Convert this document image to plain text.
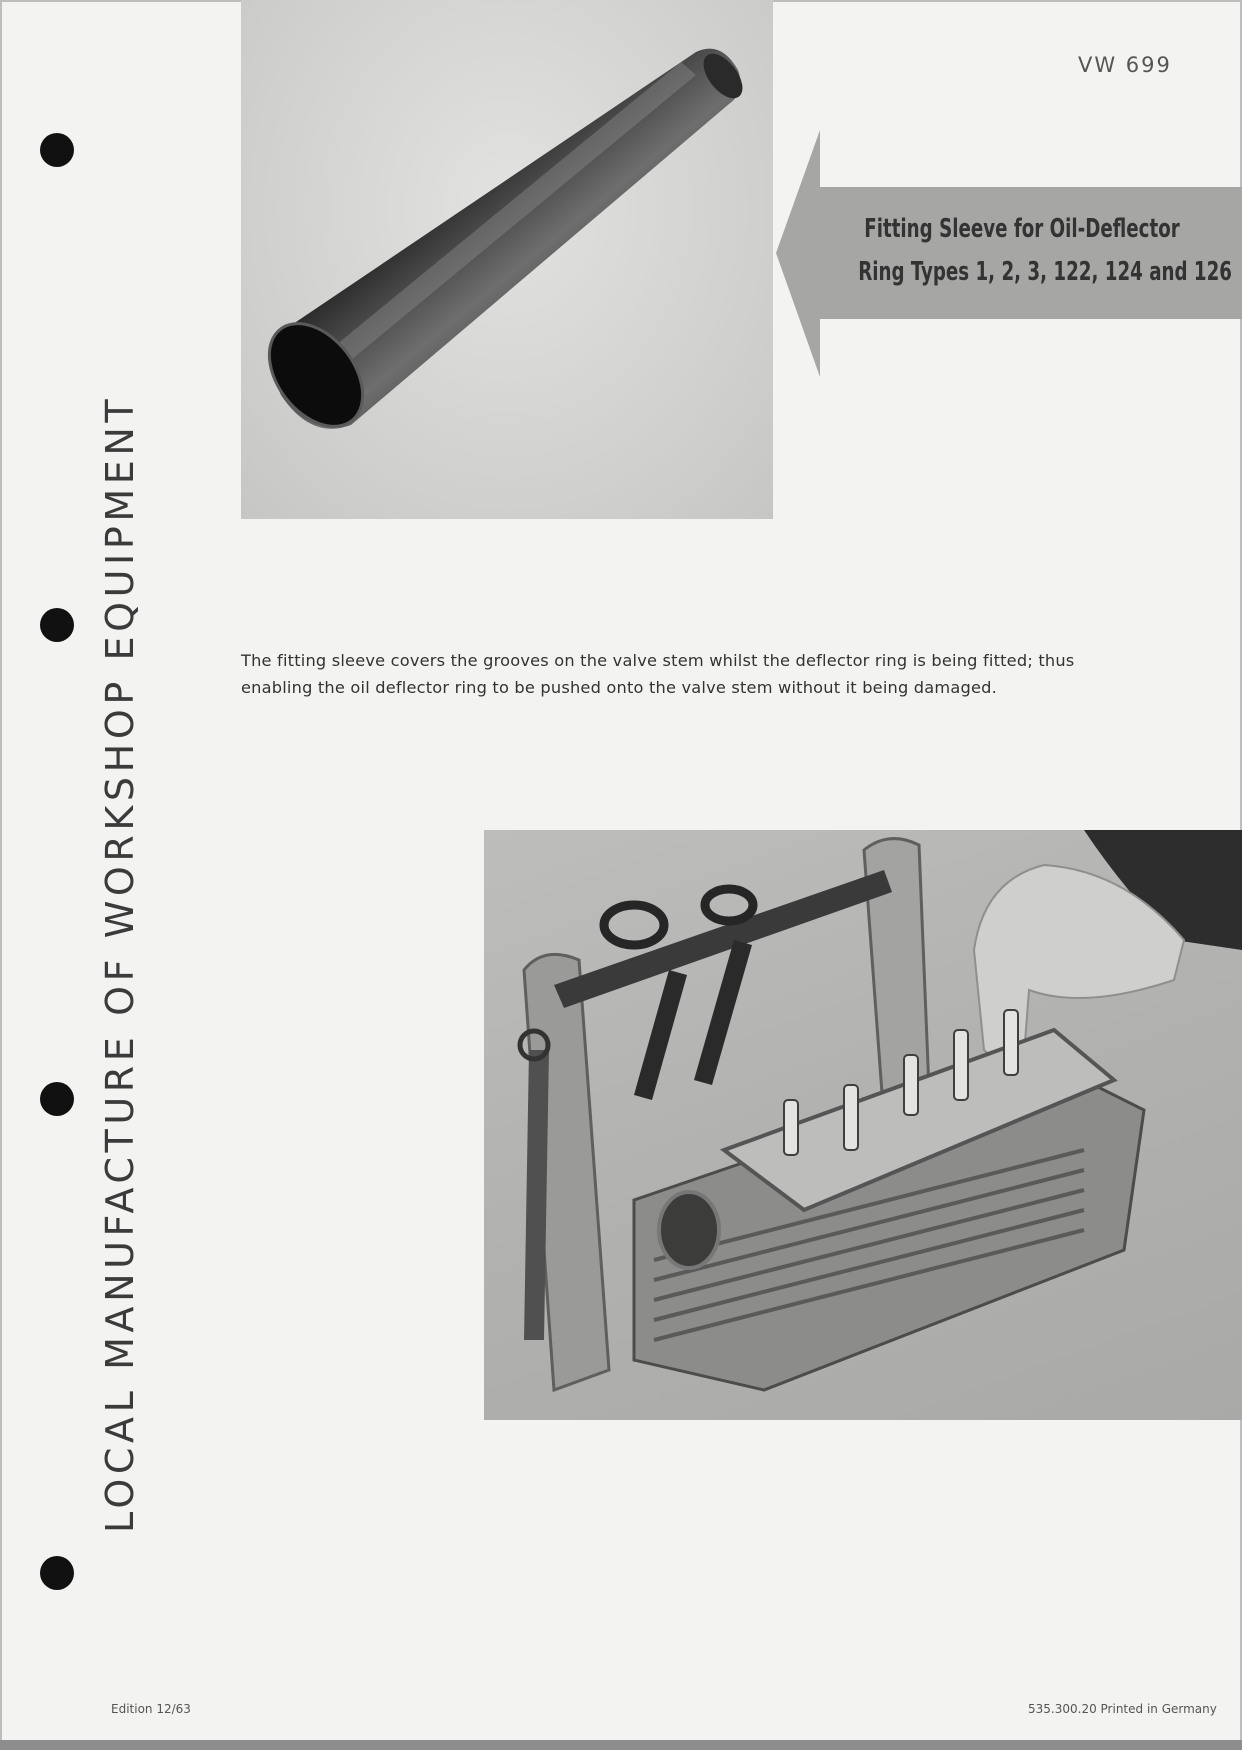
LOCAL MANUFACTURE OF WORKSHOP EQUIPMENT
VW 699
Fitting Sleeve for Oil-Deflector
Ring Types 1, 2, 3, 122, 124 and 126
The fitting sleeve covers the grooves on the valve stem whilst the deflector ring is being fitted; thus
enabling the oil deflector ring to be pushed onto the valve stem without it being damaged.
Edition 12/63	535.300.20 Printed in Germany
